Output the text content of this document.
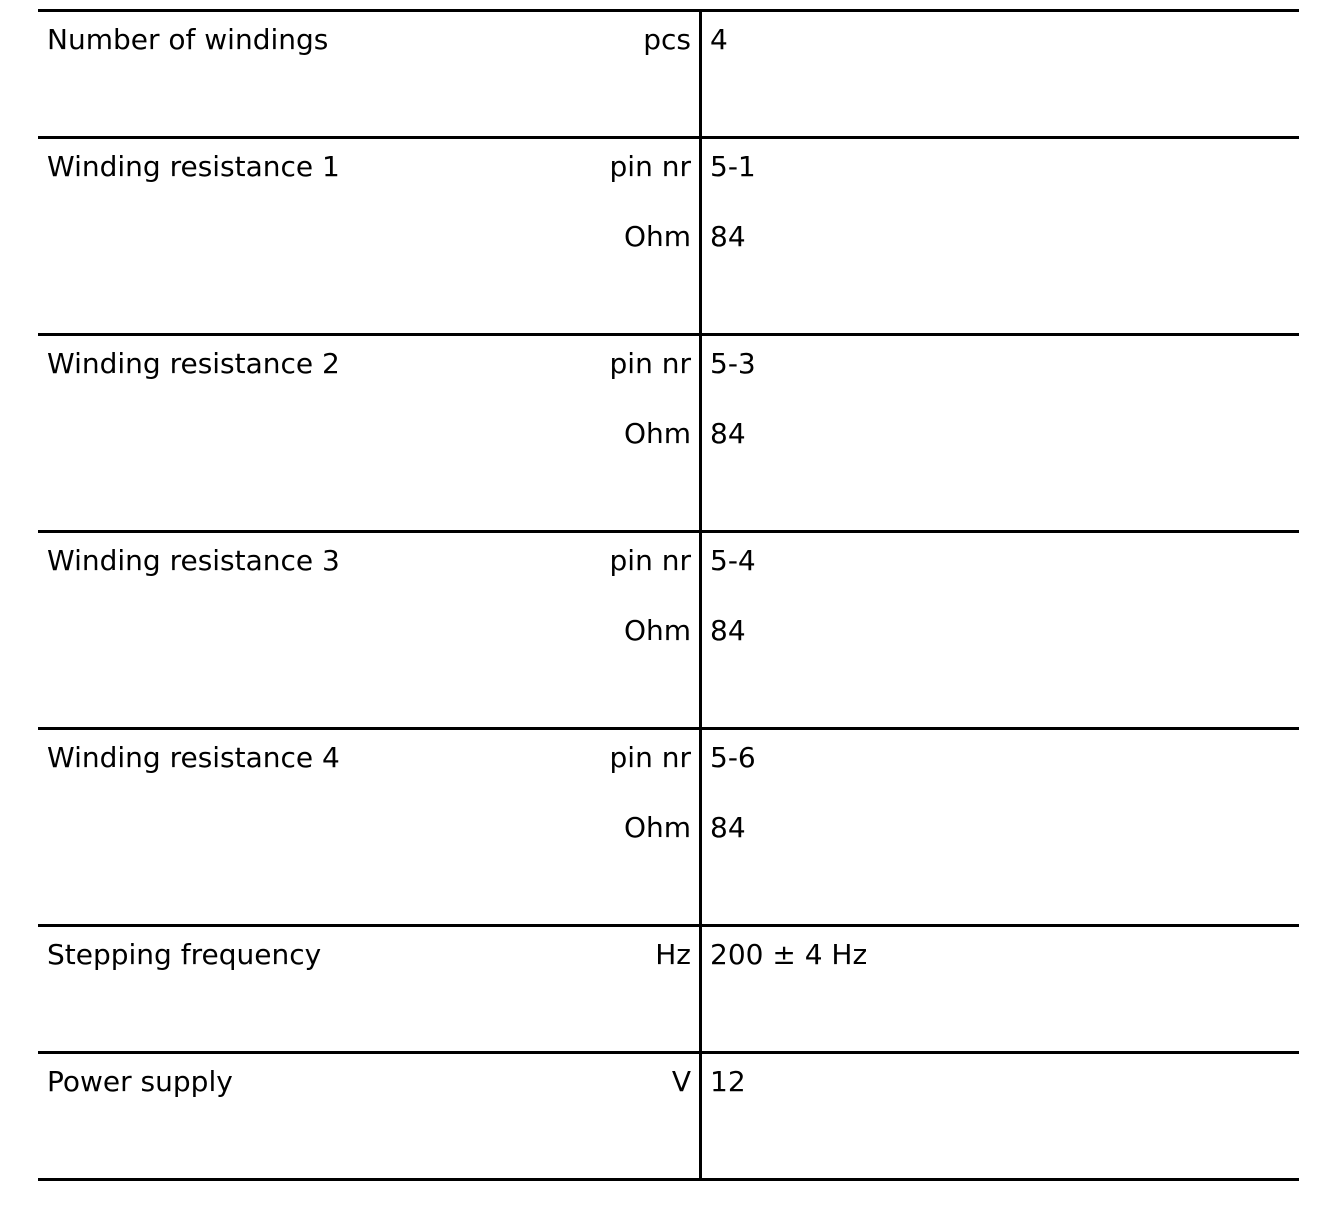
Number of windings	pcs 4
Winding resistance 1	pin nr 5-1
Ohm 84
Winding resistance 2	pin nr 5-3
Ohm 84
Winding resistance 3	pin nr 5-4
Ohm 84
Winding resistance 4	pin nr 5-6
Ohm 84
Stepping frequency	Hz 200 ± 4 Hz
Power supply	V 12
